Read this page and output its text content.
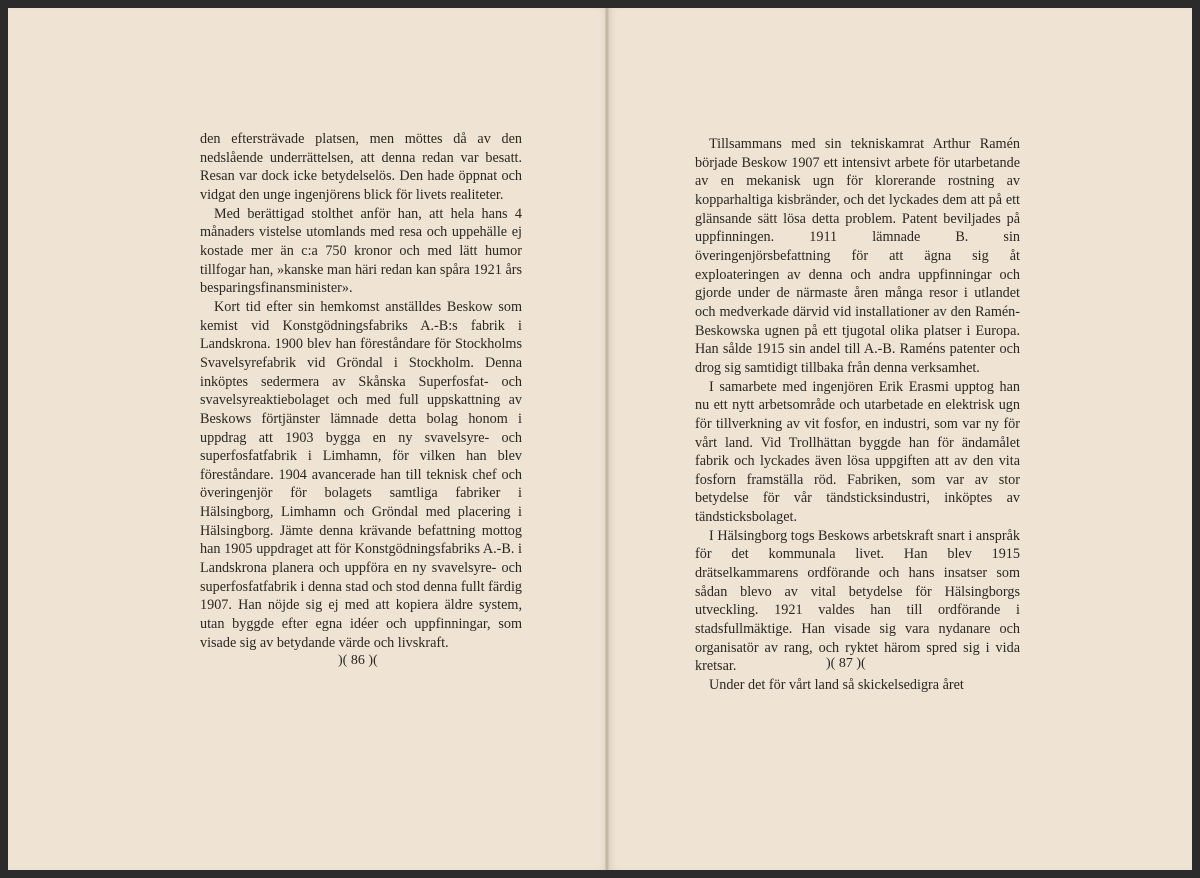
den eftersträvade platsen, men möttes då av den nedslående underrättelsen, att denna redan var besatt. Resan var dock icke betydelselös. Den hade öppnat och vidgat den unge ingenjörens blick för livets realiteter.

Med berättigad stolthet anför han, att hela hans 4 månaders vistelse utomlands med resa och uppehälle ej kostade mer än c:a 750 kronor och med lätt humor tillfogar han, »kanske man häri redan kan spåra 1921 års besparingsfinansminister».

Kort tid efter sin hemkomst anställdes Beskow som kemist vid Konstgödningsfabriks A.-B:s fabrik i Landskrona. 1900 blev han föreståndare för Stockholms Svavelsyrefabrik vid Gröndal i Stockholm. Denna inköptes sedermera av Skånska Superfosfat- och svavelsyreaktiebolaget och med full uppskattning av Beskows förtjänster lämnade detta bolag honom i uppdrag att 1903 bygga en ny svavelsyre- och superfosfatfabrik i Limhamn, för vilken han blev föreståndare. 1904 avancerade han till teknisk chef och överingenjör för bolagets samtliga fabriker i Hälsingborg, Limhamn och Gröndal med placering i Hälsingborg. Jämte denna krävande befattning mottog han 1905 uppdraget att för Konstgödningsfabriks A.-B. i Landskrona planera och uppföra en ny svavelsyre- och superfosfatfabrik i denna stad och stod denna fullt färdig 1907. Han nöjde sig ej med att kopiera äldre system, utan byggde efter egna idéer och uppfinningar, som visade sig av betydande värde och livskraft.

)( 86 )(

Tillsammans med sin tekniskamrat Arthur Ramén började Beskow 1907 ett intensivt arbete för utarbetande av en mekanisk ugn för klorerande rostning av kopparhaltiga kisbränder, och det lyckades dem att på ett glänsande sätt lösa detta problem. Patent beviljades på uppfinningen. 1911 lämnade B. sin överingenjörsbefattning för att ägna sig åt exploateringen av denna och andra uppfinningar och gjorde under de närmaste åren många resor i utlandet och medverkade därvid vid installationer av den Ramén-Beskowska ugnen på ett tjugotal olika platser i Europa. Han sålde 1915 sin andel till A.-B. Raméns patenter och drog sig samtidigt tillbaka från denna verksamhet.

I samarbete med ingenjören Erik Erasmi upptog han nu ett nytt arbetsområde och utarbetade en elektrisk ugn för tillverkning av vit fosfor, en industri, som var ny för vårt land. Vid Trollhättan byggde han för ändamålet fabrik och lyckades även lösa uppgiften att av den vita fosforn framställa röd. Fabriken, som var av stor betydelse för vår tändsticksindustri, inköptes av tändsticksbolaget.

I Hälsingborg togs Beskows arbetskraft snart i anspråk för det kommunala livet. Han blev 1915 drätselkammarens ordförande och hans insatser som sådan blevo av vital betydelse för Hälsingborgs utveckling. 1921 valdes han till ordförande i stadsfullmäktige. Han visade sig vara nydanare och organisatör av rang, och ryktet härom spred sig i vida kretsar.

Under det för vårt land så skickelsedigra året

)( 87 )(
